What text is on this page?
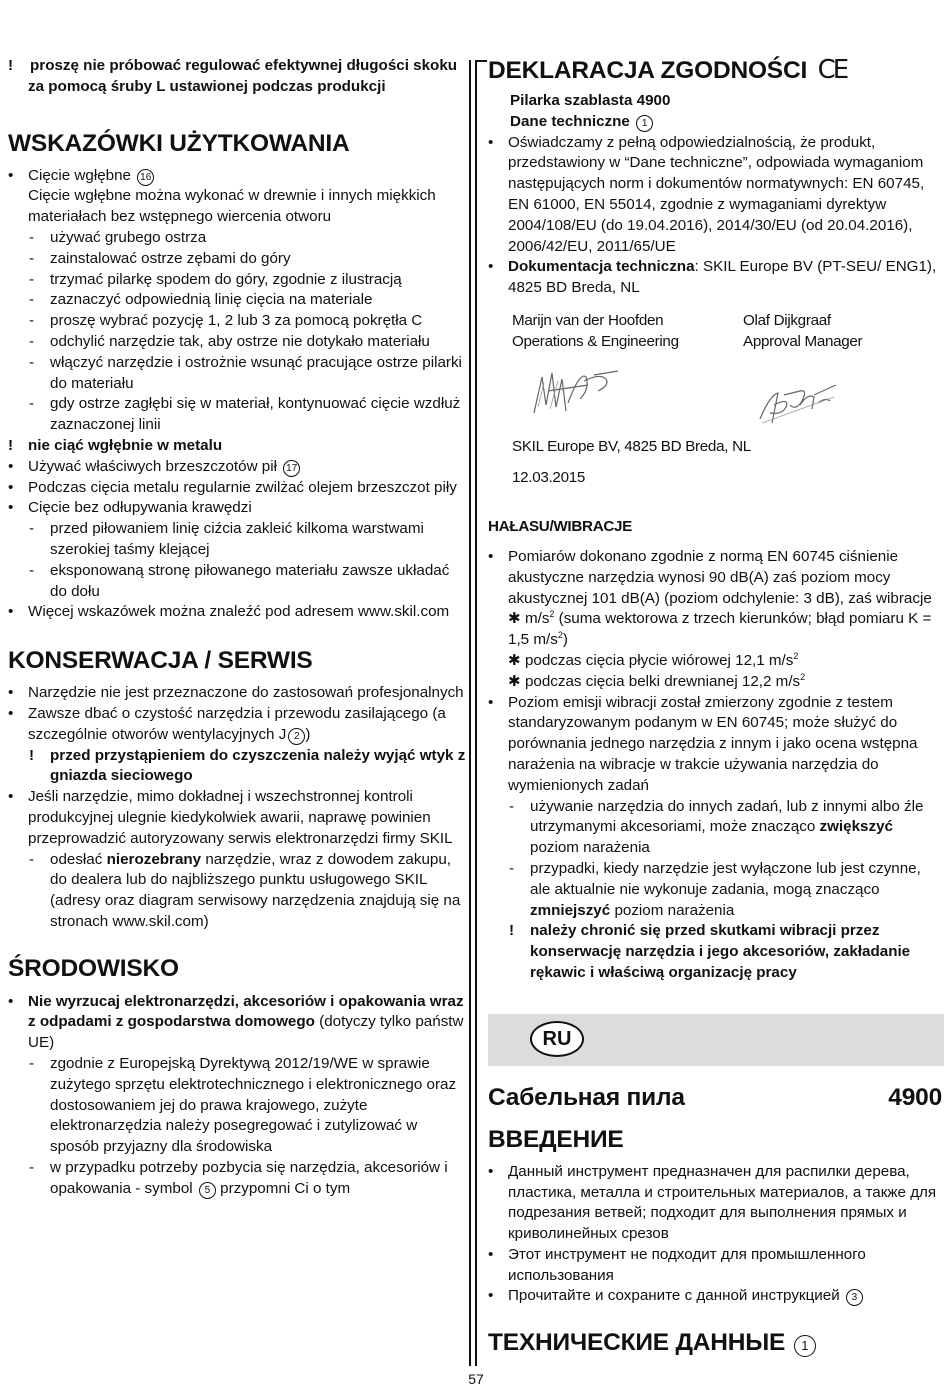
!	proszę nie próbować regulować efektywnej długości skoku za pomocą śruby L ustawionej podczas produkcji
WSKAZÓWKI UŻYTKOWANIA
• Cięcie wgłębne 16
Cięcie wgłębne można wykonać w drewnie i innych miękkich materiałach bez wstępnego wiercenia otworu
- używać grubego ostrza
- zainstalować ostrze zębami do góry
- trzymać pilarkę spodem do góry, zgodnie z ilustracją
- zaznaczyć odpowiednią linię cięcia na materiale
- proszę wybrać pozycję 1, 2 lub 3 za pomocą pokrętła C
- odchylić narzędzie tak, aby ostrze nie dotykało materiału
- włączyć narzędzie i ostrożnie wsunąć pracujące ostrze pilarki do materiału
- gdy ostrze zagłębi się w materiał, kontynuować cięcie wzdłuż zaznaczonej linii
! nie ciąć wgłębnie w metalu
• Używać właściwych brzeszczotów pił 17
• Podczas cięcia metalu regularnie zwilżać olejem brzeszczot piły
• Cięcie bez odłupywania krawędzi
- przed piłowaniem linię ciźcia zakleić kilkoma warstwami szerokiej taśmy klejącej
- eksponowaną stronę piłowanego materiału zawsze układać do dołu
• Więcej wskazówek można znaleźć pod adresem www.skil.com
KONSERWACJA / SERWIS
• Narzędzie nie jest przeznaczone do zastosowań profesjonalnych
• Zawsze dbać o czystość narzędzia i przewodu zasilającego (a szczególnie otworów wentylacyjnych J 2 )
! przed przystąpieniem do czyszczenia należy wyjąć wtyk z gniazda sieciowego
• Jeśli narzędzie, mimo dokładnej i wszechstronnej kontroli produkcyjnej ulegnie kiedykolwiek awarii, naprawę powinien przeprowadzić autoryzowany serwis elektronarzędzi firmy SKIL
- odesłać nierozebrany narzędzie, wraz z dowodem zakupu, do dealera lub do najbliższego punktu usługowego SKIL (adresy oraz diagram serwisowy narzędzenia znajdują się na stronach www.skil.com)
ŚRODOWISKO
• Nie wyrzucaj elektronarzędzi, akcesoriów i opakowania wraz z odpadami z gospodarstwa domowego (dotyczy tylko państw UE)
- zgodnie z Europejską Dyrektywą 2012/19/WE w sprawie zużytego sprzętu elektrotechnicznego i elektronicznego oraz dostosowaniem jej do prawa krajowego, zużyte elektronarzędzia należy posegregować i zutylizować w sposób przyjazny dla środowiska
- w przypadku potrzeby pozbycia się narzędzia, akcesoriów i opakowania - symbol 5 przypomni Ci o tym
DEKLARACJA ZGODNOŚCI CE
Pilarka szablasta 4900
Dane techniczne 1
• Oświadczamy z pełną odpowiedzialnością, że produkt, przedstawiony w “Dane techniczne”, odpowiada wymaganiom następujących norm i dokumentów normatywnych: EN 60745, EN 61000, EN 55014, zgodnie z wymaganiami dyrektyw 2004/108/EU (do 19.04.2016), 2014/30/EU (od 20.04.2016), 2006/42/EU, 2011/65/UE
• Dokumentacja techniczna: SKIL Europe BV (PT-SEU/ ENG1), 4825 BD Breda, NL
Marijn van der Hoofden
Operations & Engineering
Olaf Dijkgraaf
Approval Manager
SKIL Europe BV, 4825 BD Breda, NL
12.03.2015
HAŁASU/WIBRACJE
• Pomiarów dokonano zgodnie z normą EN 60745 ciśnienie akustyczne narzędzia wynosi 90 dB(A) zaś poziom mocy akustycznej 101 dB(A) (poziom odchylenie: 3 dB), zaś wibracje ✱ $m/s^2$ (suma wektorowa z trzech kierunków; błąd pomiaru K = 1,5 $m/s^2$)
✱ podczas cięcia płycie wiórowej 12,1 $m/s^2$
✱ podczas cięcia belki drewnianej 12,2 $m/s^2$
• Poziom emisji wibracji został zmierzony zgodnie z testem standaryzowanym podanym w EN 60745; może służyć do porównania jednego narzędzia z innym i jako ocena wstępna narażenia na wibracje w trakcie używania narzędzia do wymienionych zadań
- używanie narzędzia do innych zadań, lub z innymi albo źle utrzymanymi akcesoriami, może znacząco zwiększyć poziom narażenia
- przypadki, kiedy narzędzie jest wyłączone lub jest czynne, ale aktualnie nie wykonuje zadania, mogą znacząco zmniejszyć poziom narażenia
! należy chronić się przed skutkami wibracji przez konserwację narzędzia i jego akcesoriów, zakładanie rękawic i właściwą organizację pracy
RU
Сабельная пила	4900
ВВЕДЕНИЕ
• Данный инструмент предназначен для распилки дерева, пластика, металла и строительных материалов, а также для подрезания ветвей; подходит для выполнения прямых и криволинейных срезов
• Этот инструмент не подходит для промышленного использования
• Прочитайте и сохраните с данной инструкцией 3
ТЕХНИЧЕСКИЕ ДАННЫЕ 1
57
